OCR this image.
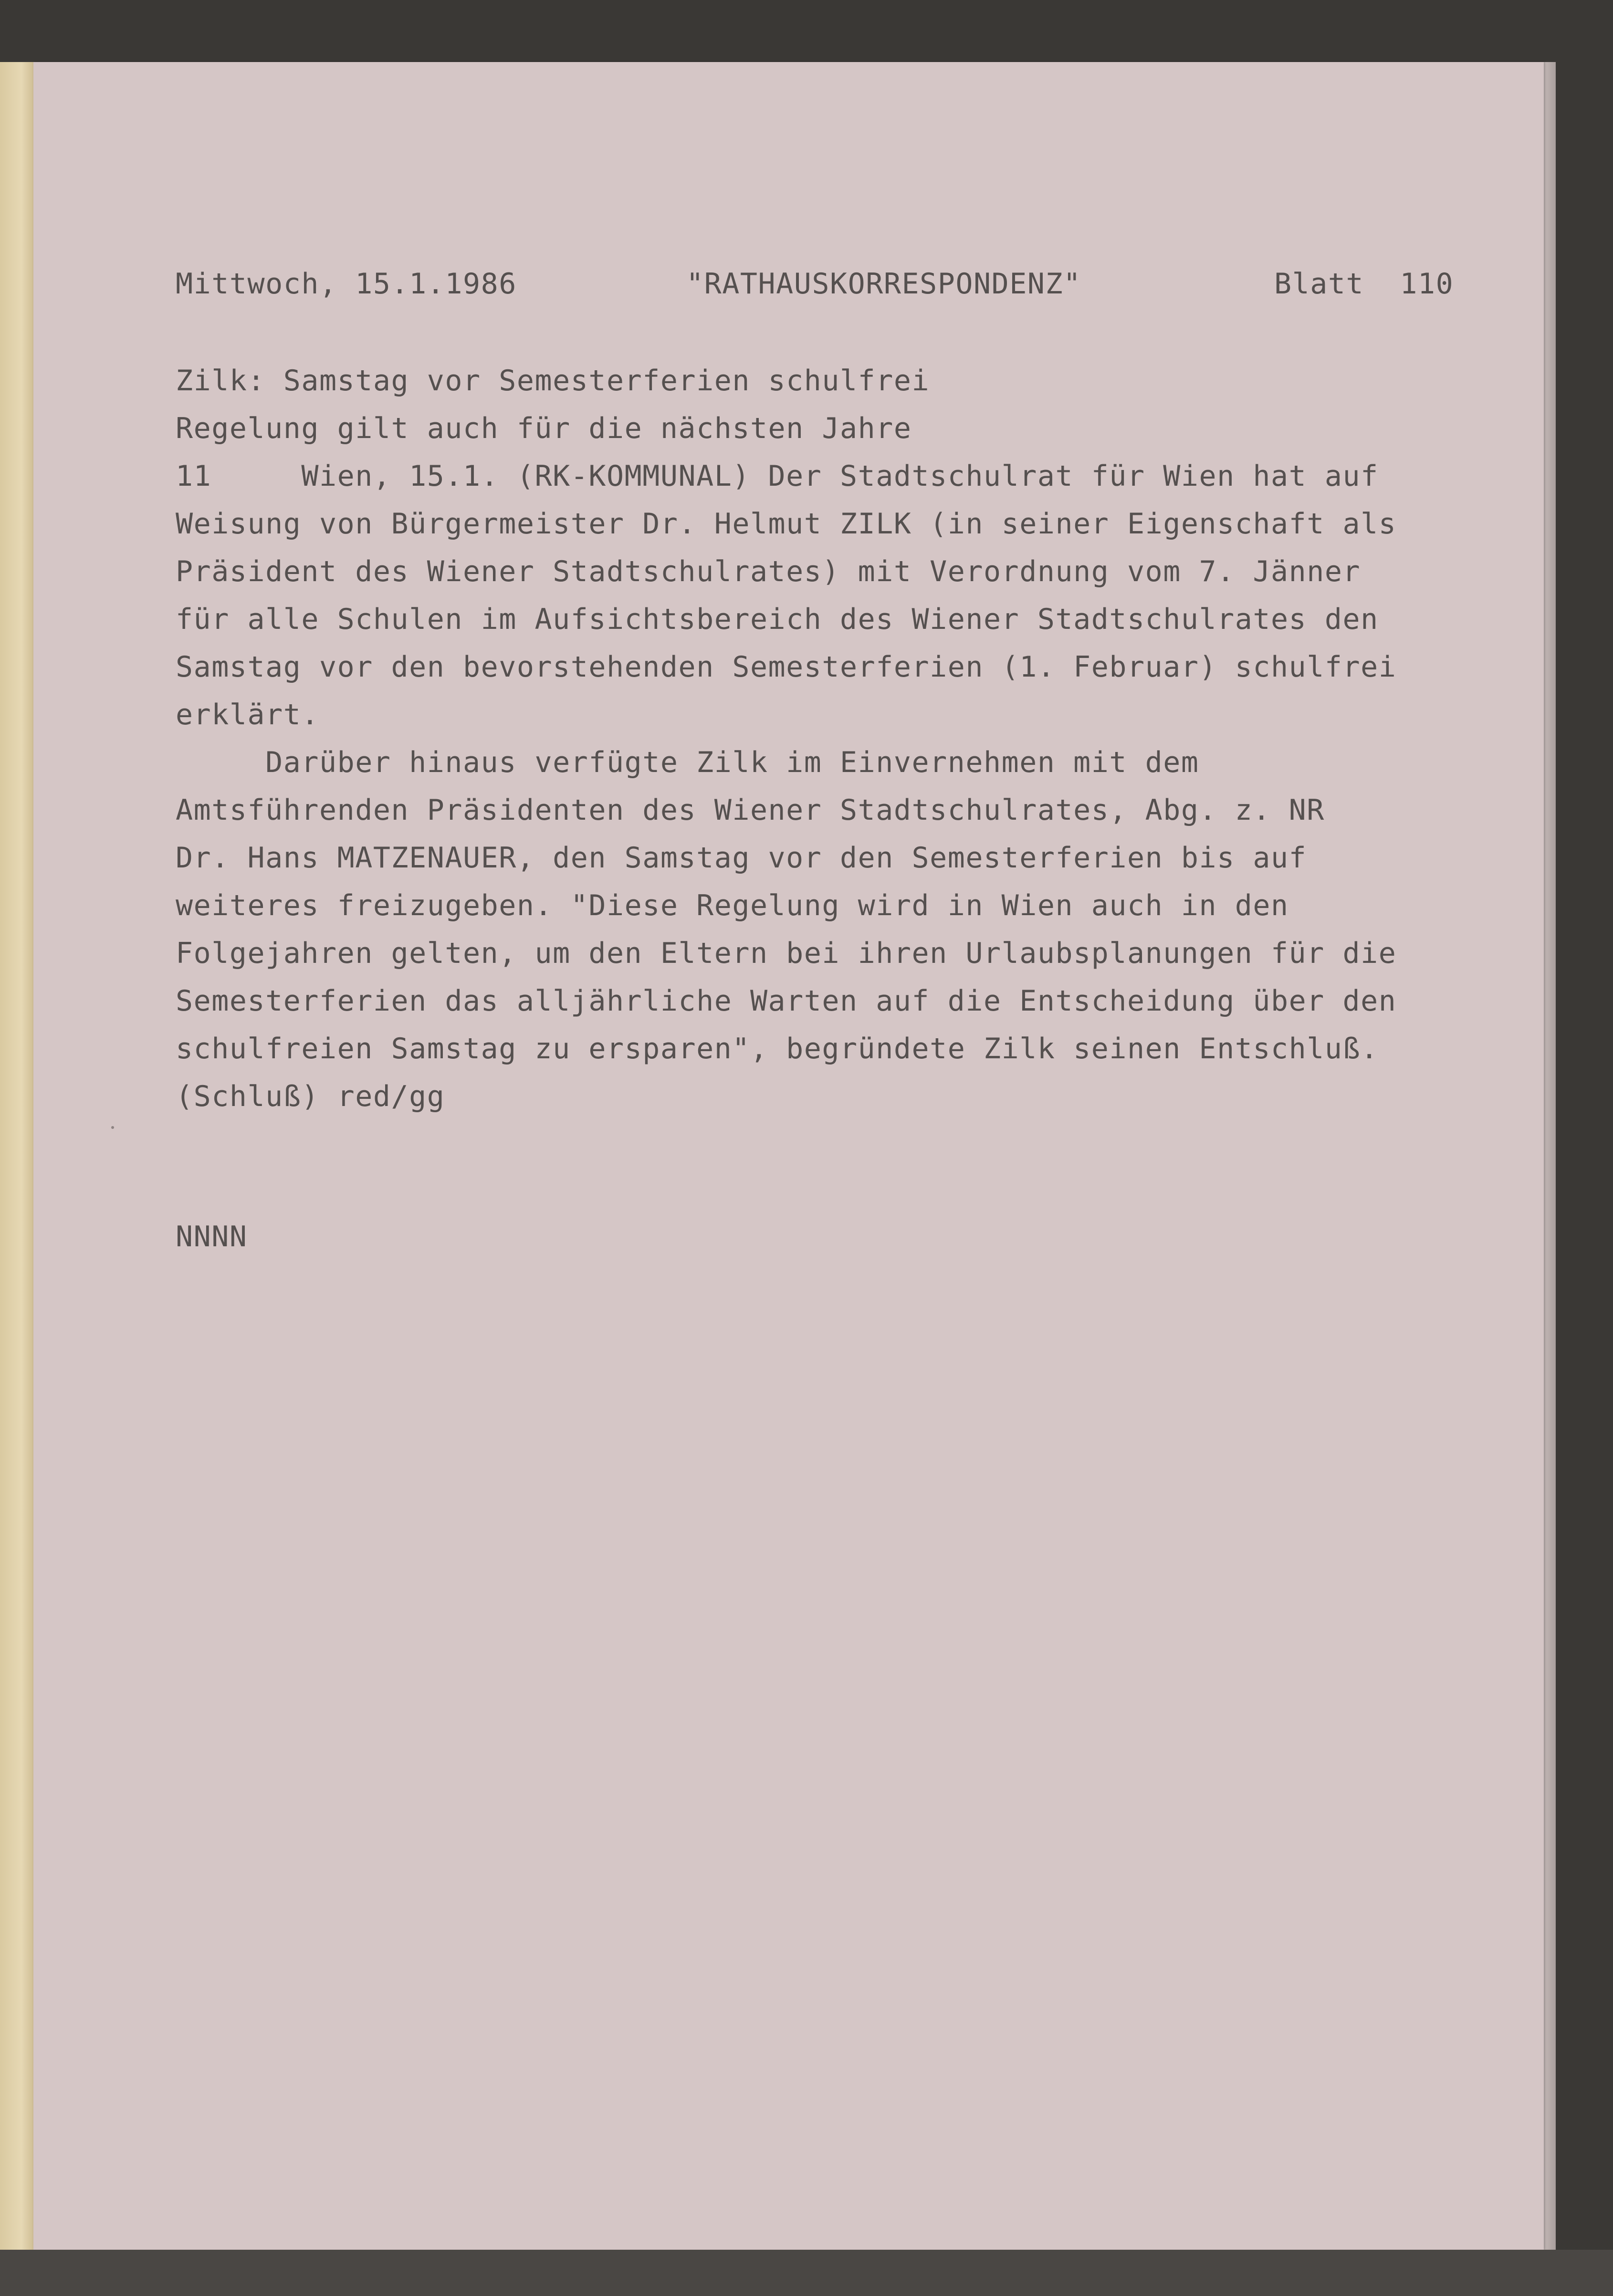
Mittwoch, 15.1.1986	"RATHAUSKORRESPONDENZ"	Blatt  110
Zilk: Samstag vor Semesterferien schulfrei
Regelung gilt auch für die nächsten Jahre
11     Wien, 15.1. (RK-KOMMUNAL) Der Stadtschulrat für Wien hat auf
Weisung von Bürgermeister Dr. Helmut ZILK (in seiner Eigenschaft als
Präsident des Wiener Stadtschulrates) mit Verordnung vom 7. Jänner
für alle Schulen im Aufsichtsbereich des Wiener Stadtschulrates den
Samstag vor den bevorstehenden Semesterferien (1. Februar) schulfrei
erklärt.
Darüber hinaus verfügte Zilk im Einvernehmen mit dem
Amtsführenden Präsidenten des Wiener Stadtschulrates, Abg. z. NR
Dr. Hans MATZENAUER, den Samstag vor den Semesterferien bis auf
weiteres freizugeben. "Diese Regelung wird in Wien auch in den
Folgejahren gelten, um den Eltern bei ihren Urlaubsplanungen für die
Semesterferien das alljährliche Warten auf die Entscheidung über den
schulfreien Samstag zu ersparen", begründete Zilk seinen Entschluß.
(Schluß) red/gg
NNNN
